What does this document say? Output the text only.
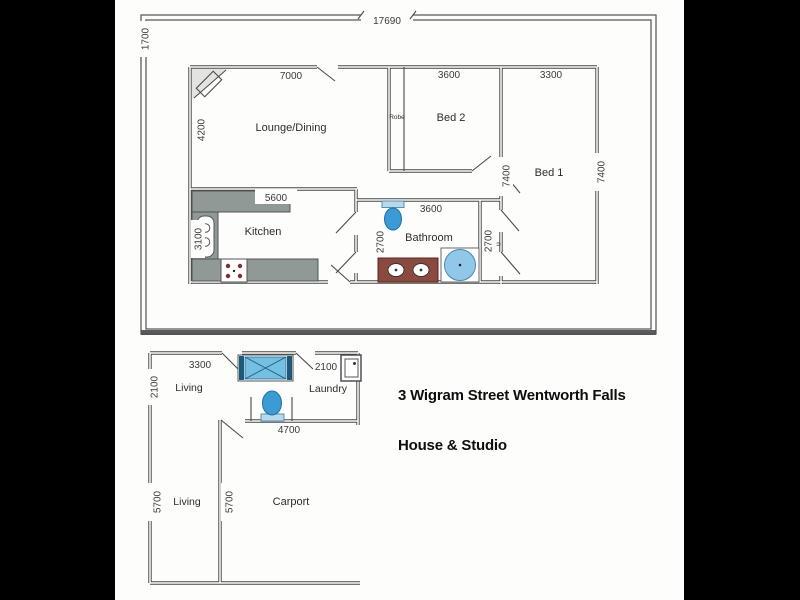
17690
1700
7000
4200	Lounge/Dining
3600
Bed 2
Robe
3300
Bed 1
7400	7400
5600
Kitchen
3100	Bathroom
3600
2700	2700 u
3300
Living
2100
2100
Laundry
4700
Living
5700	5700	Carport
3 Wigram Street Wentworth Falls
House & Studio
